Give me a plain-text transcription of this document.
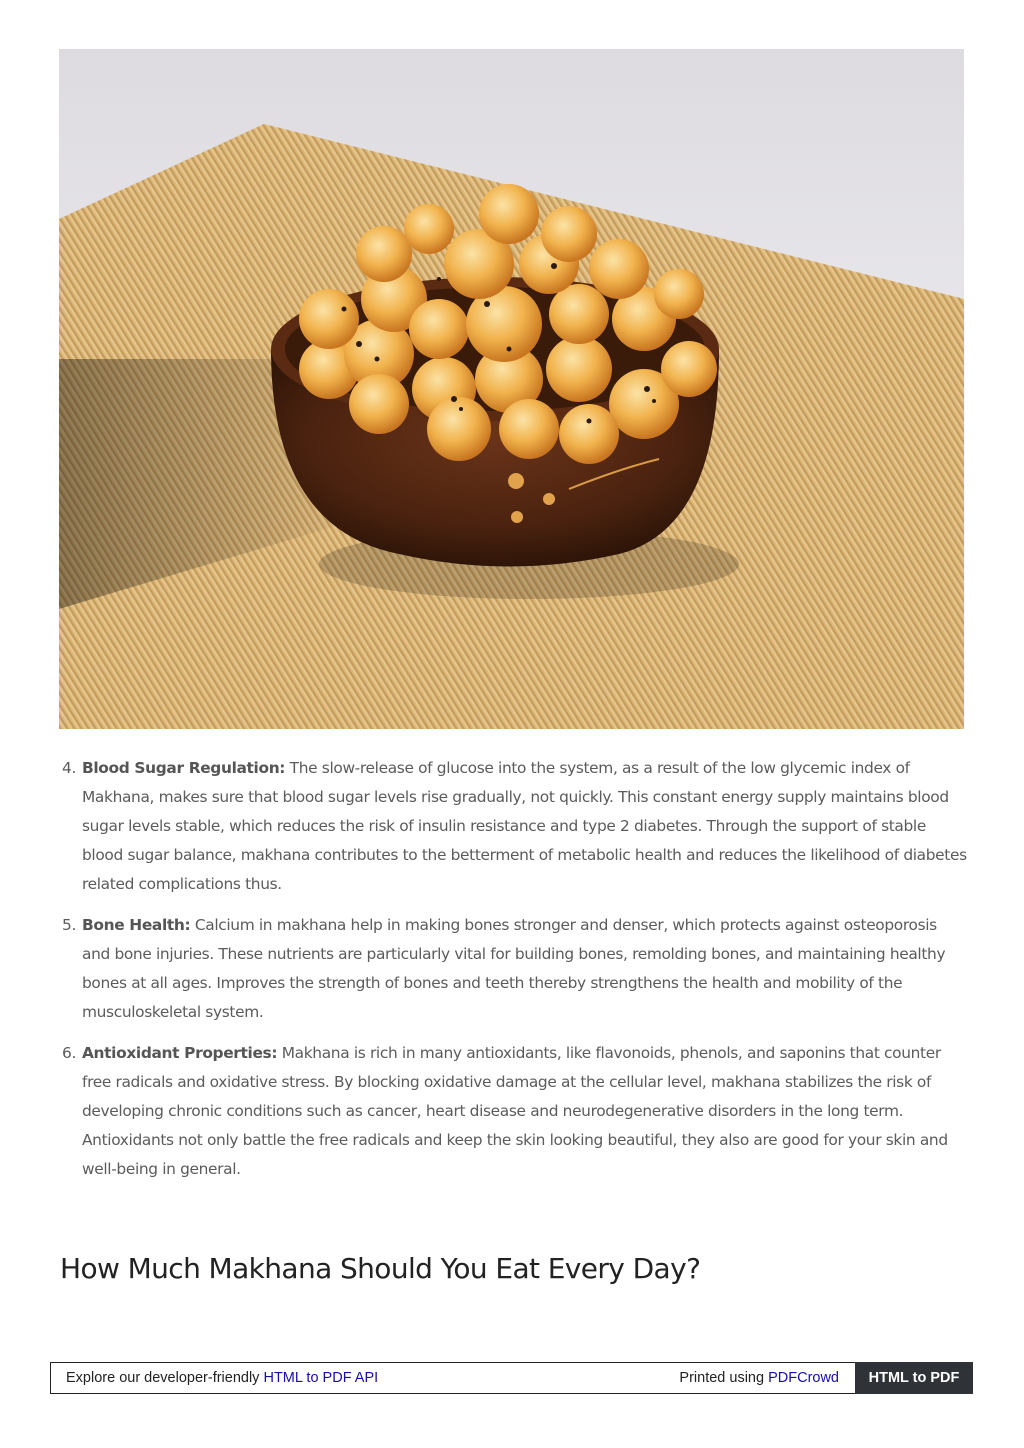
4. Blood Sugar Regulation: The slow-release of glucose into the system, as a result of the low glycemic index of Makhana, makes sure that blood sugar levels rise gradually, not quickly. This constant energy supply maintains blood sugar levels stable, which reduces the risk of insulin resistance and type 2 diabetes. Through the support of stable blood sugar balance, makhana contributes to the betterment of metabolic health and reduces the likelihood of diabetes related complications thus.
5. Bone Health: Calcium in makhana help in making bones stronger and denser, which protects against osteoporosis and bone injuries. These nutrients are particularly vital for building bones, remolding bones, and maintaining healthy bones at all ages. Improves the strength of bones and teeth thereby strengthens the health and mobility of the musculoskeletal system.
6. Antioxidant Properties: Makhana is rich in many antioxidants, like flavonoids, phenols, and saponins that counter free radicals and oxidative stress. By blocking oxidative damage at the cellular level, makhana stabilizes the risk of developing chronic conditions such as cancer, heart disease and neurodegenerative disorders in the long term. Antioxidants not only battle the free radicals and keep the skin looking beautiful, they also are good for your skin and well-being in general.
How Much Makhana Should You Eat Every Day?
Explore our developer-friendly HTML to PDF API	Printed using PDFCrowd	HTML to PDF
